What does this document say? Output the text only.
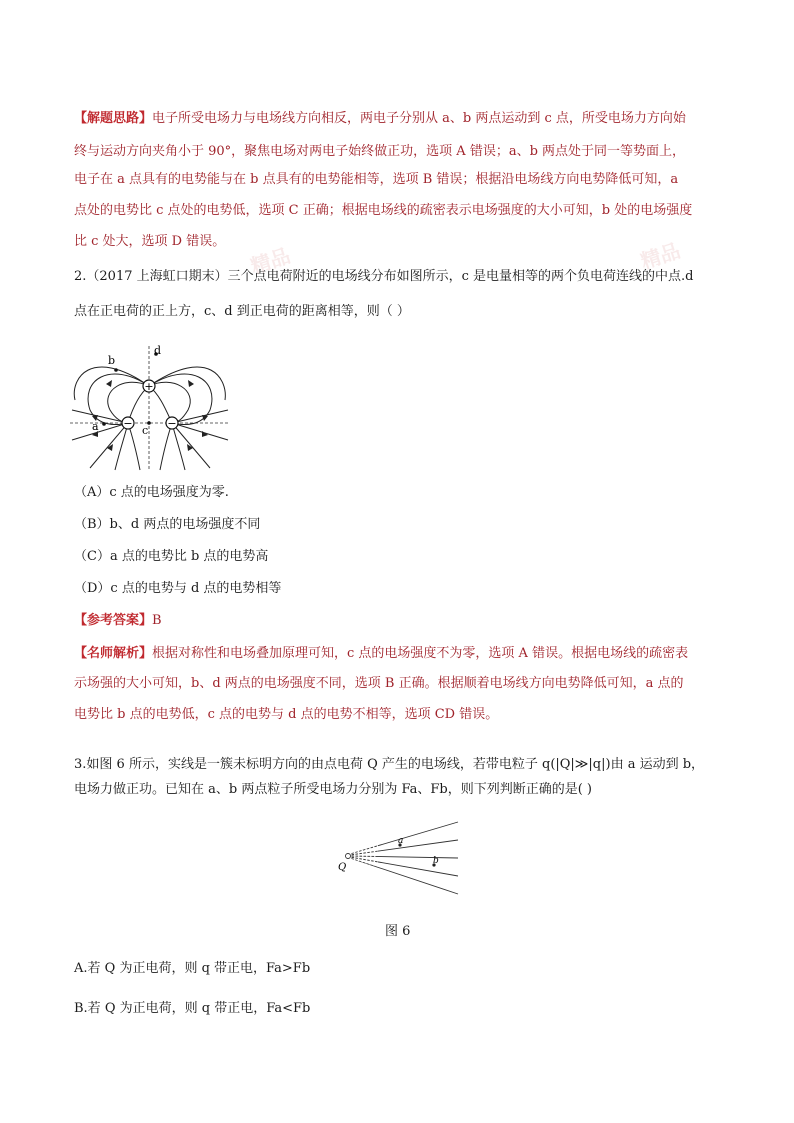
【解题思路】电子所受电场力与电场线方向相反，两电子分别从 a、b 两点运动到 c 点，所受电场力方向始
终与运动方向夹角小于 90°，聚焦电场对两电子始终做正功，选项 A 错误；a、b 两点处于同一等势面上，
电子在 a 点具有的电势能与在 b 点具有的电势能相等，选项 B 错误；根据沿电场线方向电势降低可知，a
点处的电势比 c 点处的电势低，选项 C 正确；根据电场线的疏密表示电场强度的大小可知，b 处的电场强度
比 c 处大，选项 D 错误。
精品	精品
2.（2017 上海虹口期末）三个点电荷附近的电场线分布如图所示，c 是电量相等的两个负电荷连线的中点.d
点在正电荷的正上方，c、d 到正电荷的距离相等，则（ ）
+
−	−
d
b
a	c
（A）c 点的电场强度为零.
（B）b、d 两点的电场强度不同
（C）a 点的电势比 b 点的电势高
（D）c 点的电势与 d 点的电势相等
【参考答案】B
【名师解析】根据对称性和电场叠加原理可知，c 点的电场强度不为零，选项 A 错误。根据电场线的疏密表
示场强的大小可知，b、d 两点的电场强度不同，选项 B 正确。根据顺着电场线方向电势降低可知，a 点的
电势比 b 点的电势低，c 点的电势与 d 点的电势不相等，选项 CD 错误。
3.如图 6 所示，实线是一簇未标明方向的由点电荷 Q 产生的电场线，若带电粒子 q(|Q|≫|q|)由 a 运动到 b，
电场力做正功。已知在 a、b 两点粒子所受电场力分别为 Fa、Fb，则下列判断正确的是( )
a
b
Q
图 6
A.若 Q 为正电荷，则 q 带正电，Fa>Fb
B.若 Q 为正电荷，则 q 带正电，Fa<Fb
